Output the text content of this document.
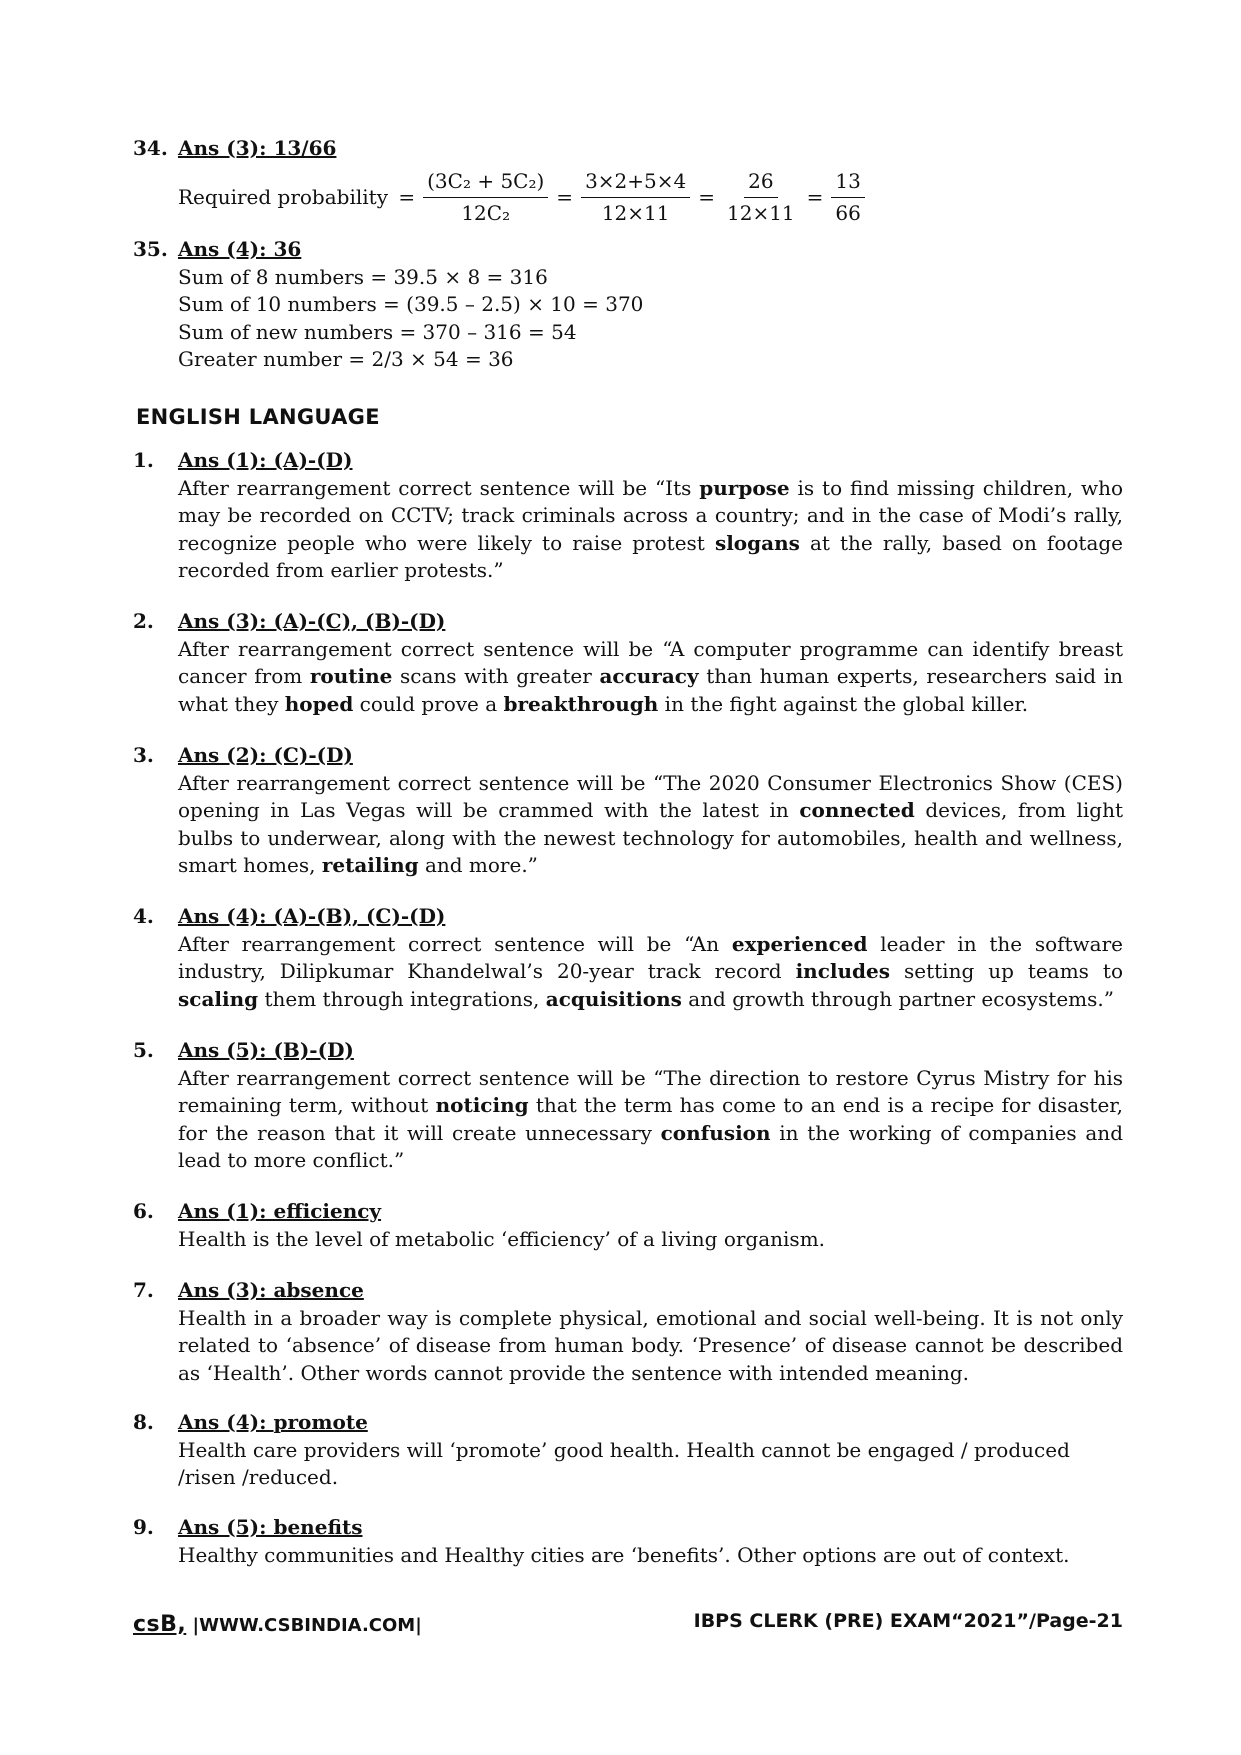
34. Ans (3): 13/66
Required probability = $\frac{\text{(3C₂ + 5C₂)}}{\text{12C₂}} = \frac{3\times 2+5\times 4}{12\times 11} = \frac{26}{12\times 11} = \frac{13}{66}$
35. Ans (4): 36
Sum of 8 numbers = 39.5 × 8 = 316
Sum of 10 numbers = (39.5 – 2.5) × 10 = 370
Sum of new numbers = 370 – 316 = 54
Greater number = 2/3 × 54 = 36
ENGLISH LANGUAGE
1.	Ans (1): (A)-(D)
After rearrangement correct sentence will be “Its purpose is to find missing children, who may be recorded on CCTV; track criminals across a country; and in the case of Modi’s rally, recognize people who were likely to raise protest slogans at the rally, based on footage recorded from earlier protests.”
2.	Ans (3): (A)-(C), (B)-(D)
After rearrangement correct sentence will be “A computer programme can identify breast cancer from routine scans with greater accuracy than human experts, researchers said in what they hoped could prove a breakthrough in the fight against the global killer.
3.	Ans (2): (C)-(D)
After rearrangement correct sentence will be “The 2020 Consumer Electronics Show (CES) opening in Las Vegas will be crammed with the latest in connected devices, from light bulbs to underwear, along with the newest technology for automobiles, health and wellness, smart homes, retailing and more.”
4.	Ans (4): (A)-(B), (C)-(D)
After rearrangement correct sentence will be “An experienced leader in the software industry, Dilipkumar Khandelwal’s 20-year track record includes setting up teams to scaling them through integrations, acquisitions and growth through partner ecosystems.”
5.	Ans (5): (B)-(D)
After rearrangement correct sentence will be “The direction to restore Cyrus Mistry for his remaining term, without noticing that the term has come to an end is a recipe for disaster, for the reason that it will create unnecessary confusion in the working of companies and lead to more conflict.”
6.	Ans (1): efficiency
Health is the level of metabolic ‘efficiency’ of a living organism.
7.	Ans (3): absence
Health in a broader way is complete physical, emotional and social well-being. It is not only related to ‘absence’ of disease from human body. ‘Presence’ of disease cannot be described as ‘Health’. Other words cannot provide the sentence with intended meaning.
8.	Ans (4): promote
Health care providers will ‘promote’ good health. Health cannot be engaged / produced /risen /reduced.
9.	Ans (5): benefits
Healthy communities and Healthy cities are ‘benefits’. Other options are out of context.
csB, |WWW.CSBINDIA.COM|	IBPS CLERK (PRE) EXAM“2021”/Page-21
